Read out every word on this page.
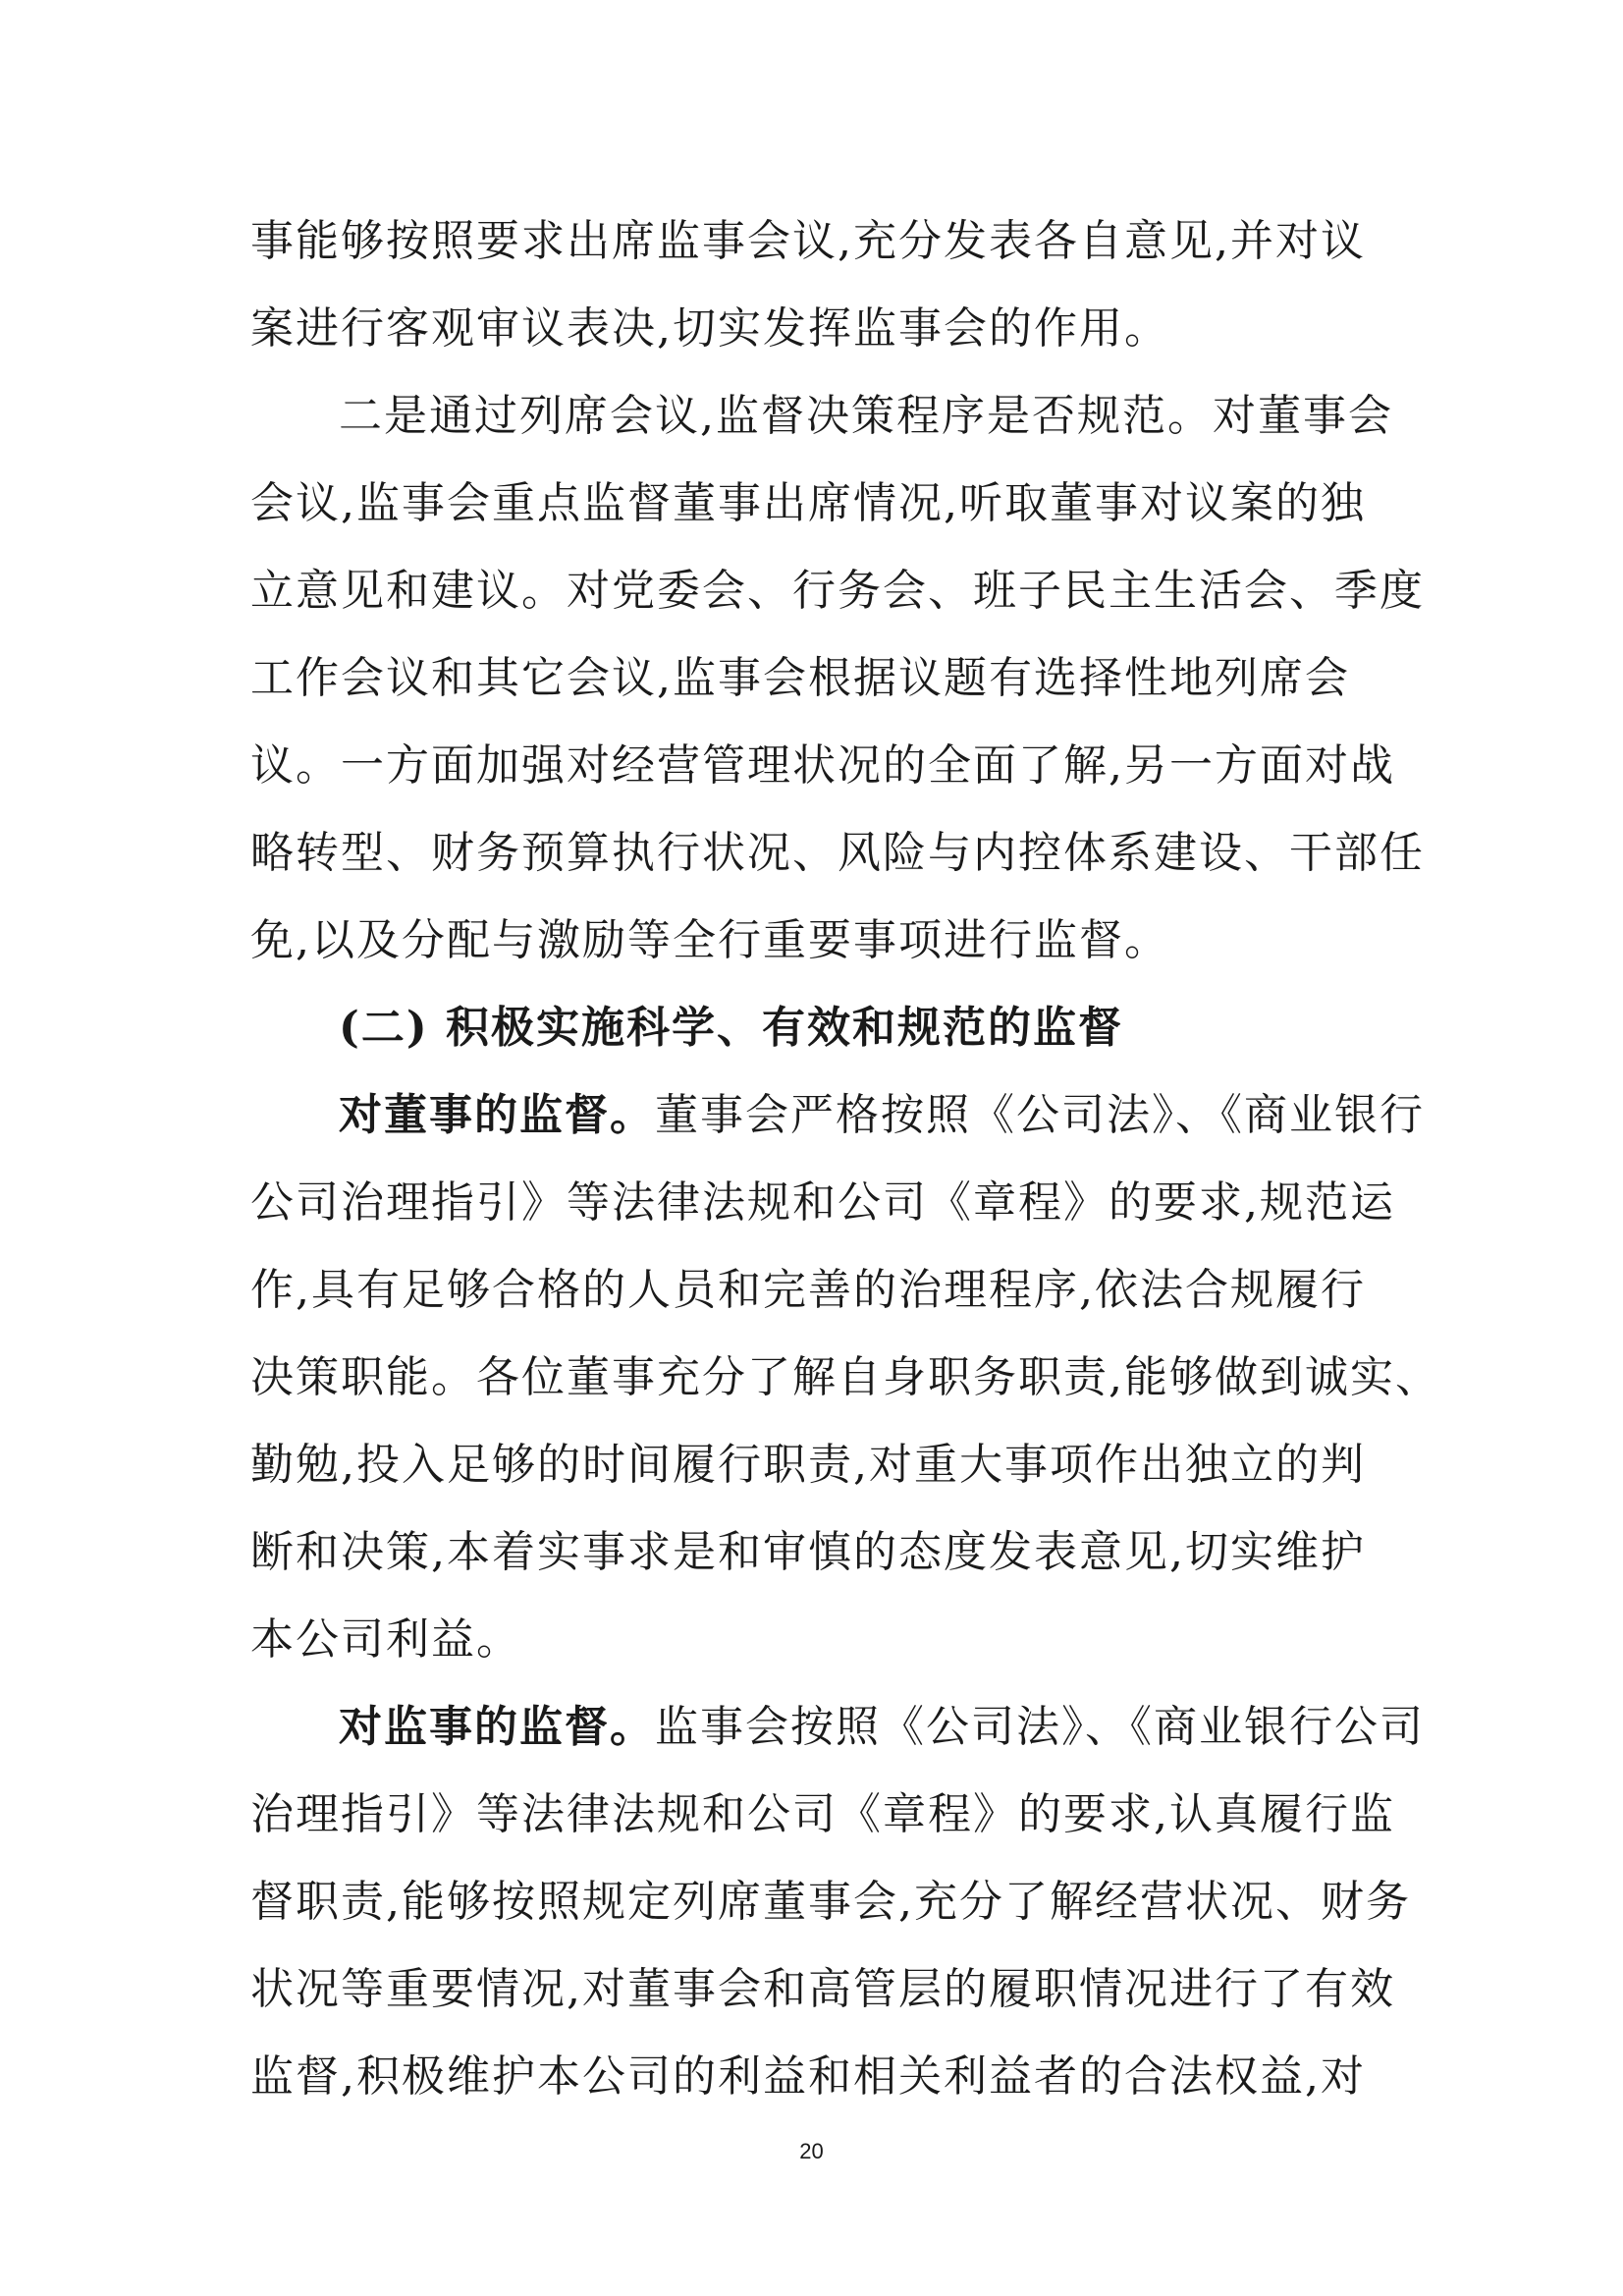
事能够按照要求出席监事会议,充分发表各自意见,并对议
案进行客观审议表决,切实发挥监事会的作用。
二是通过列席会议,监督决策程序是否规范。对董事会
会议,监事会重点监督董事出席情况,听取董事对议案的独
立意见和建议。对党委会、行务会、班子民主生活会、季度
工作会议和其它会议,监事会根据议题有选择性地列席会
议。一方面加强对经营管理状况的全面了解,另一方面对战
略转型、财务预算执行状况、风险与内控体系建设、干部任
免,以及分配与激励等全行重要事项进行监督。
(二) 积极实施科学、有效和规范的监督
对董事的监督。董事会严格按照《公司法》、《商业银行
公司治理指引》等法律法规和公司《章程》的要求,规范运
作,具有足够合格的人员和完善的治理程序,依法合规履行
决策职能。各位董事充分了解自身职务职责,能够做到诚实、
勤勉,投入足够的时间履行职责,对重大事项作出独立的判
断和决策,本着实事求是和审慎的态度发表意见,切实维护
本公司利益。
对监事的监督。监事会按照《公司法》、《商业银行公司
治理指引》等法律法规和公司《章程》的要求,认真履行监
督职责,能够按照规定列席董事会,充分了解经营状况、财务
状况等重要情况,对董事会和高管层的履职情况进行了有效
监督,积极维护本公司的利益和相关利益者的合法权益,对
20
